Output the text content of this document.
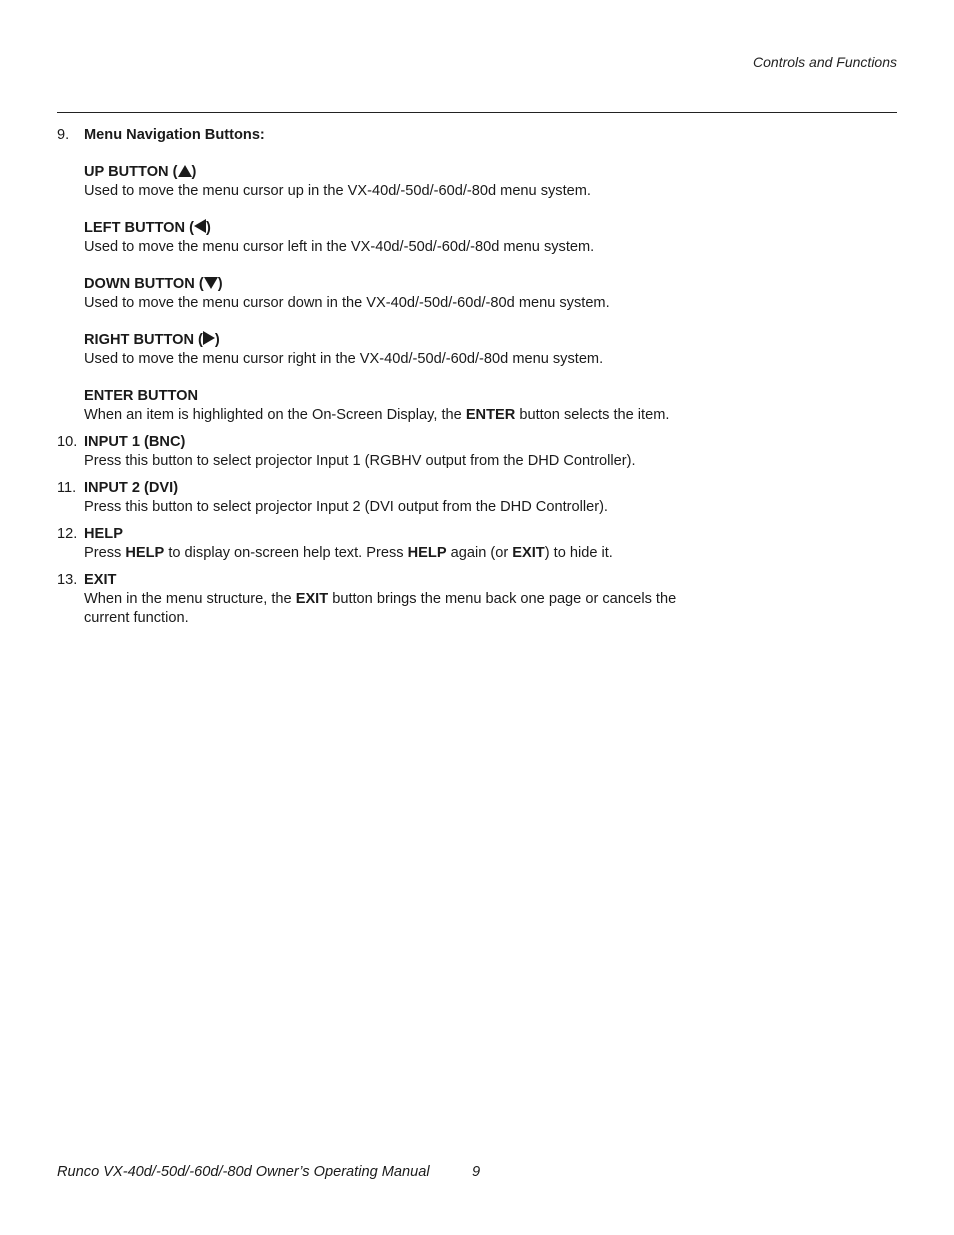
Controls and Functions
9. Menu Navigation Buttons:
UP BUTTON ( )

Used to move the menu cursor up in the VX-40d/-50d/-60d/-80d menu system.

LEFT BUTTON ( )

Used to move the menu cursor left in the VX-40d/-50d/-60d/-80d menu system.

DOWN BUTTON ( )

Used to move the menu cursor down in the VX-40d/-50d/-60d/-80d menu system.

RIGHT BUTTON ( )

Used to move the menu cursor right in the VX-40d/-50d/-60d/-80d menu system.

ENTER BUTTON

When an item is highlighted on the On-Screen Display, the ENTER button selects the item.

10. INPUT 1 (BNC)

Press this button to select projector Input 1 (RGBHV output from the DHD Controller).

11. INPUT 2 (DVI)

Press this button to select projector Input 2 (DVI output from the DHD Controller).

12. HELP

Press HELP to display on-screen help text. Press HELP again (or EXIT) to hide it.

13. EXIT

When in the menu structure, the EXIT button brings the menu back one page or cancels the current function.

Runco VX-40d/-50d/-60d/-80d Owner’s Operating Manual	9
